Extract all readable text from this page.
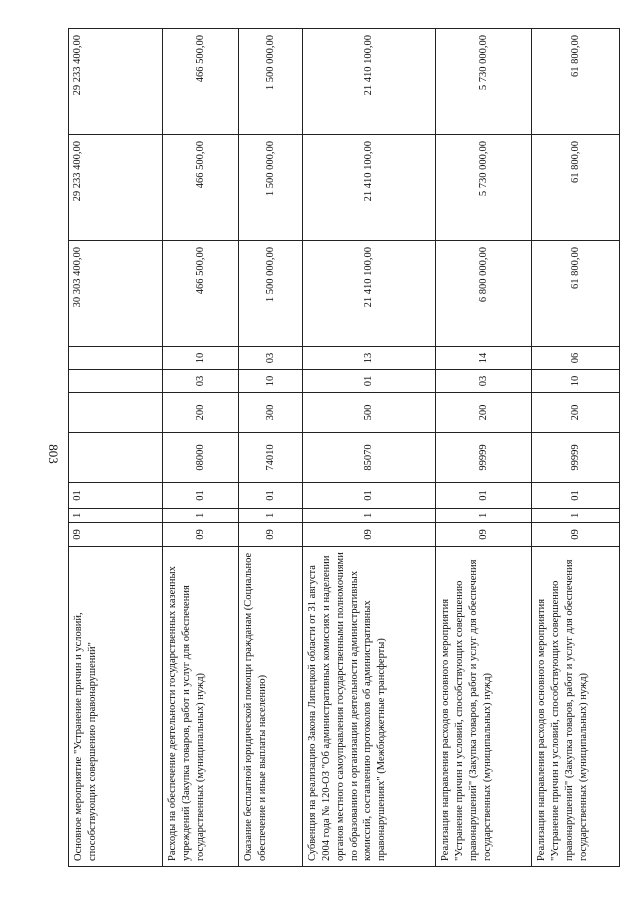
803
Основное мероприятие "Устранение причин и условий, способствующих совершению правонарушений"	09	1	01					30 303 400,00	29 233 400,00	29 233 400,00
Расходы на обеспечение деятельности государственных казенных учреждений (Закупка товаров, работ и услуг для обеспечения государственных (муниципальных) нужд)	09	1	01	08000	200	03	10	466 500,00	466 500,00	466 500,00
Оказание бесплатной юридической помощи гражданам (Социальное обеспечение и иные выплаты населению)	09	1	01	74010	300	10	03	1 500 000,00	1 500 000,00	1 500 000,00
Субвенция на реализацию Закона Липецкой области от 31 августа 2004 года № 120-ОЗ "Об административных комиссиях и наделении органов местного самоуправления государственными полномочиями по образованию и организации деятельности административных комиссий, составлению протоколов об административных правонарушениях" (Межбюджетные трансферты)	09	1	01	85070	500	01	13	21 410 100,00	21 410 100,00	21 410 100,00
Реализация направления расходов основного мероприятия "Устранение причин и условий, способствующих совершению правонарушений" (Закупка товаров, работ и услуг для обеспечения государственных (муниципальных) нужд)	09	1	01	99999	200	03	14	6 800 000,00	5 730 000,00	5 730 000,00
Реализация направления расходов основного мероприятия "Устранение причин и условий, способствующих совершению правонарушений" (Закупка товаров, работ и услуг для обеспечения государственных (муниципальных) нужд)	09	1	01	99999	200	10	06	61 800,00	61 800,00	61 800,00
